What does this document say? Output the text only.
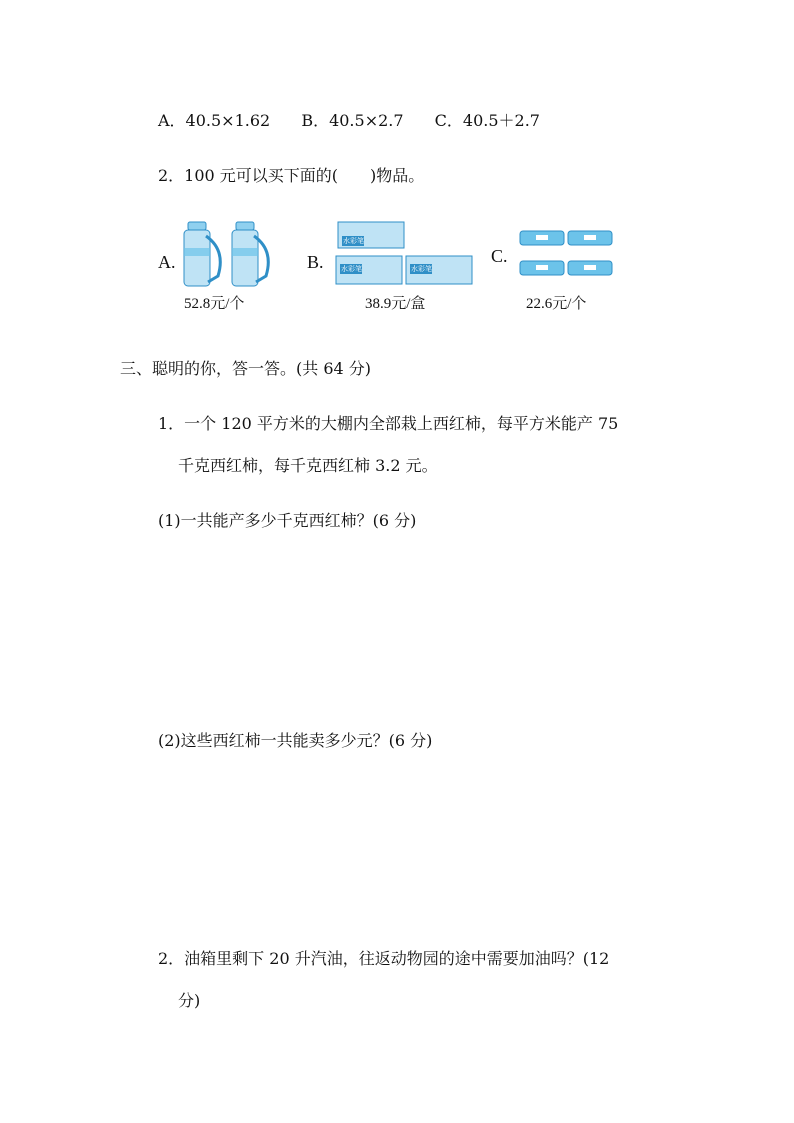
A．40.5×1.62 B．40.5×2.7 C．40.5＋2.7
2．100 元可以买下面的(　　)物品。
A.
52.8元/个
B.
水彩笔
水彩笔	水彩笔
38.9元/盒
C.
22.6元/个
三、聪明的你，答一答。(共 64 分)
1．一个 120 平方米的大棚内全部栽上西红柿，每平方米能产 75
千克西红柿，每千克西红柿 3.2 元。
(1)一共能产多少千克西红柿？(6 分)
(2)这些西红柿一共能卖多少元？(6 分)
2．油箱里剩下 20 升汽油，往返动物园的途中需要加油吗？(12
分)
